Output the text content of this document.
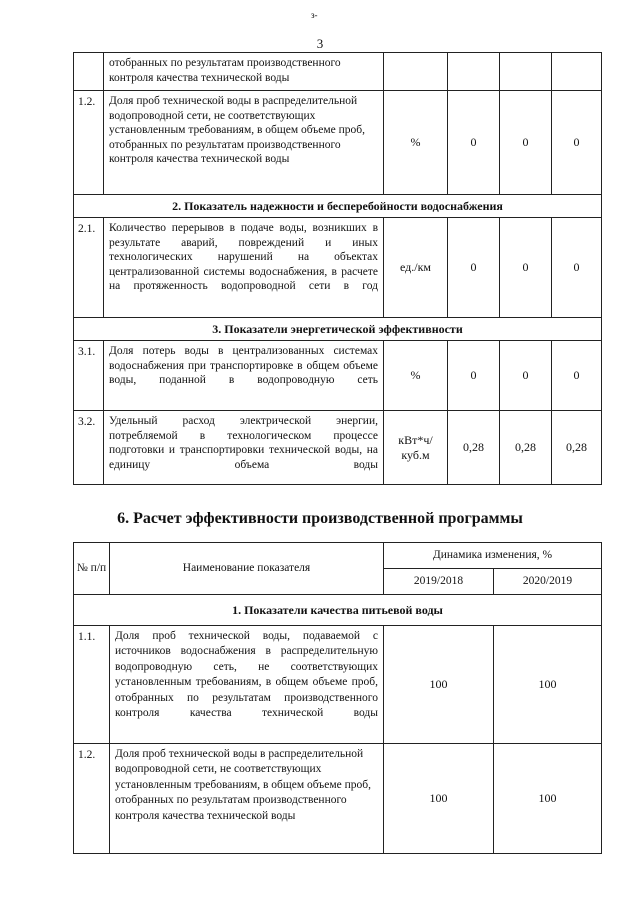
з-
3
	отобранных по результатам производственного контроля качества технической воды				
1.2.	Доля проб технической воды в распределительной водопроводной сети, не соответствующих установленным требованиям, в общем объеме проб, отобранных по результатам производственного контроля качества технической воды	%	0	0	0
2. Показатель надежности и бесперебойности водоснабжения					
2.1.	Количество перерывов в подаче воды, возникших в результате аварий, повреждений и иных технологических нарушений на объектах централизованной системы водоснабжения, в расчете на протяженность водопроводной сети в год	ед./км	0	0	0
3. Показатели энергетической эффективности					
3.1.	Доля потерь воды в централизованных системах водоснабжения при транспортировке в общем объеме воды, поданной в водопроводную сеть	%	0	0	0
3.2.	Удельный расход электрической энергии, потребляемой в технологическом процессе подготовки и транспортировки технической воды, на единицу объема воды	кВт*ч/ куб.м	0,28	0,28	0,28
6. Расчет эффективности производственной программы
№ п/п	Наименование показателя	Динамика изменения, %	
		2019/2018	2020/2019
1. Показатели качества питьевой воды			
1.1.	Доля проб технической воды, подаваемой с источников водоснабжения в распределительную водопроводную сеть, не соответствующих установленным требованиям, в общем объеме проб, отобранных по результатам производственного контроля качества технической воды	100	100
1.2.	Доля проб технической воды в распределительной водопроводной сети, не соответствующих установленным требованиям, в общем объеме проб, отобранных по результатам производственного контроля качества технической воды	100	100
